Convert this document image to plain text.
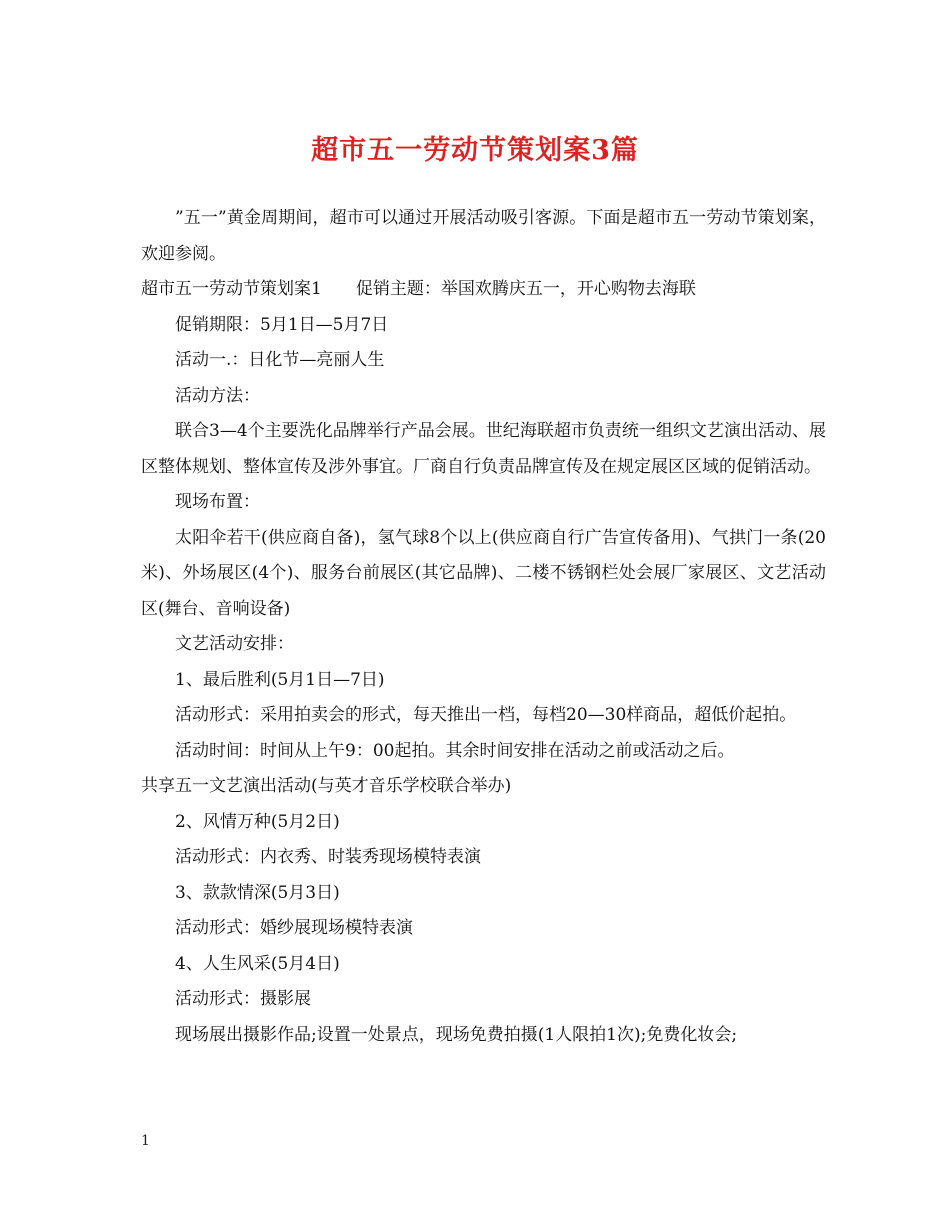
超市五一劳动节策划案3篇

”五一”黄金周期间，超市可以通过开展活动吸引客源。下面是超市五一劳动节策划案，欢迎参阅。

超市五一劳动节策划案1 促销主题：举国欢腾庆五一，开心购物去海联

促销期限：5月1日—5月7日

活动一.：日化节—亮丽人生

活动方法：

联合3—4个主要洗化品牌举行产品会展。世纪海联超市负责统一组织文艺演出活动、展区整体规划、整体宣传及涉外事宜。厂商自行负责品牌宣传及在规定展区区域的促销活动。

现场布置：

太阳伞若干(供应商自备)，氢气球8个以上(供应商自行广告宣传备用)、气拱门一条(20米)、外场展区(4个)、服务台前展区(其它品牌)、二楼不锈钢栏处会展厂家展区、文艺活动区(舞台、音响设备)

文艺活动安排：

1、最后胜利(5月1日—7日)

活动形式：采用拍卖会的形式，每天推出一档，每档20—30样商品，超低价起拍。

活动时间：时间从上午9：00起拍。其余时间安排在活动之前或活动之后。

共享五一文艺演出活动(与英才音乐学校联合举办)

2、风情万种(5月2日)

活动形式：内衣秀、时装秀现场模特表演

3、款款情深(5月3日)

活动形式：婚纱展现场模特表演

4、人生风采(5月4日)

活动形式：摄影展

现场展出摄影作品;设置一处景点，现场免费拍摄(1人限拍1次);免费化妆会;

1
